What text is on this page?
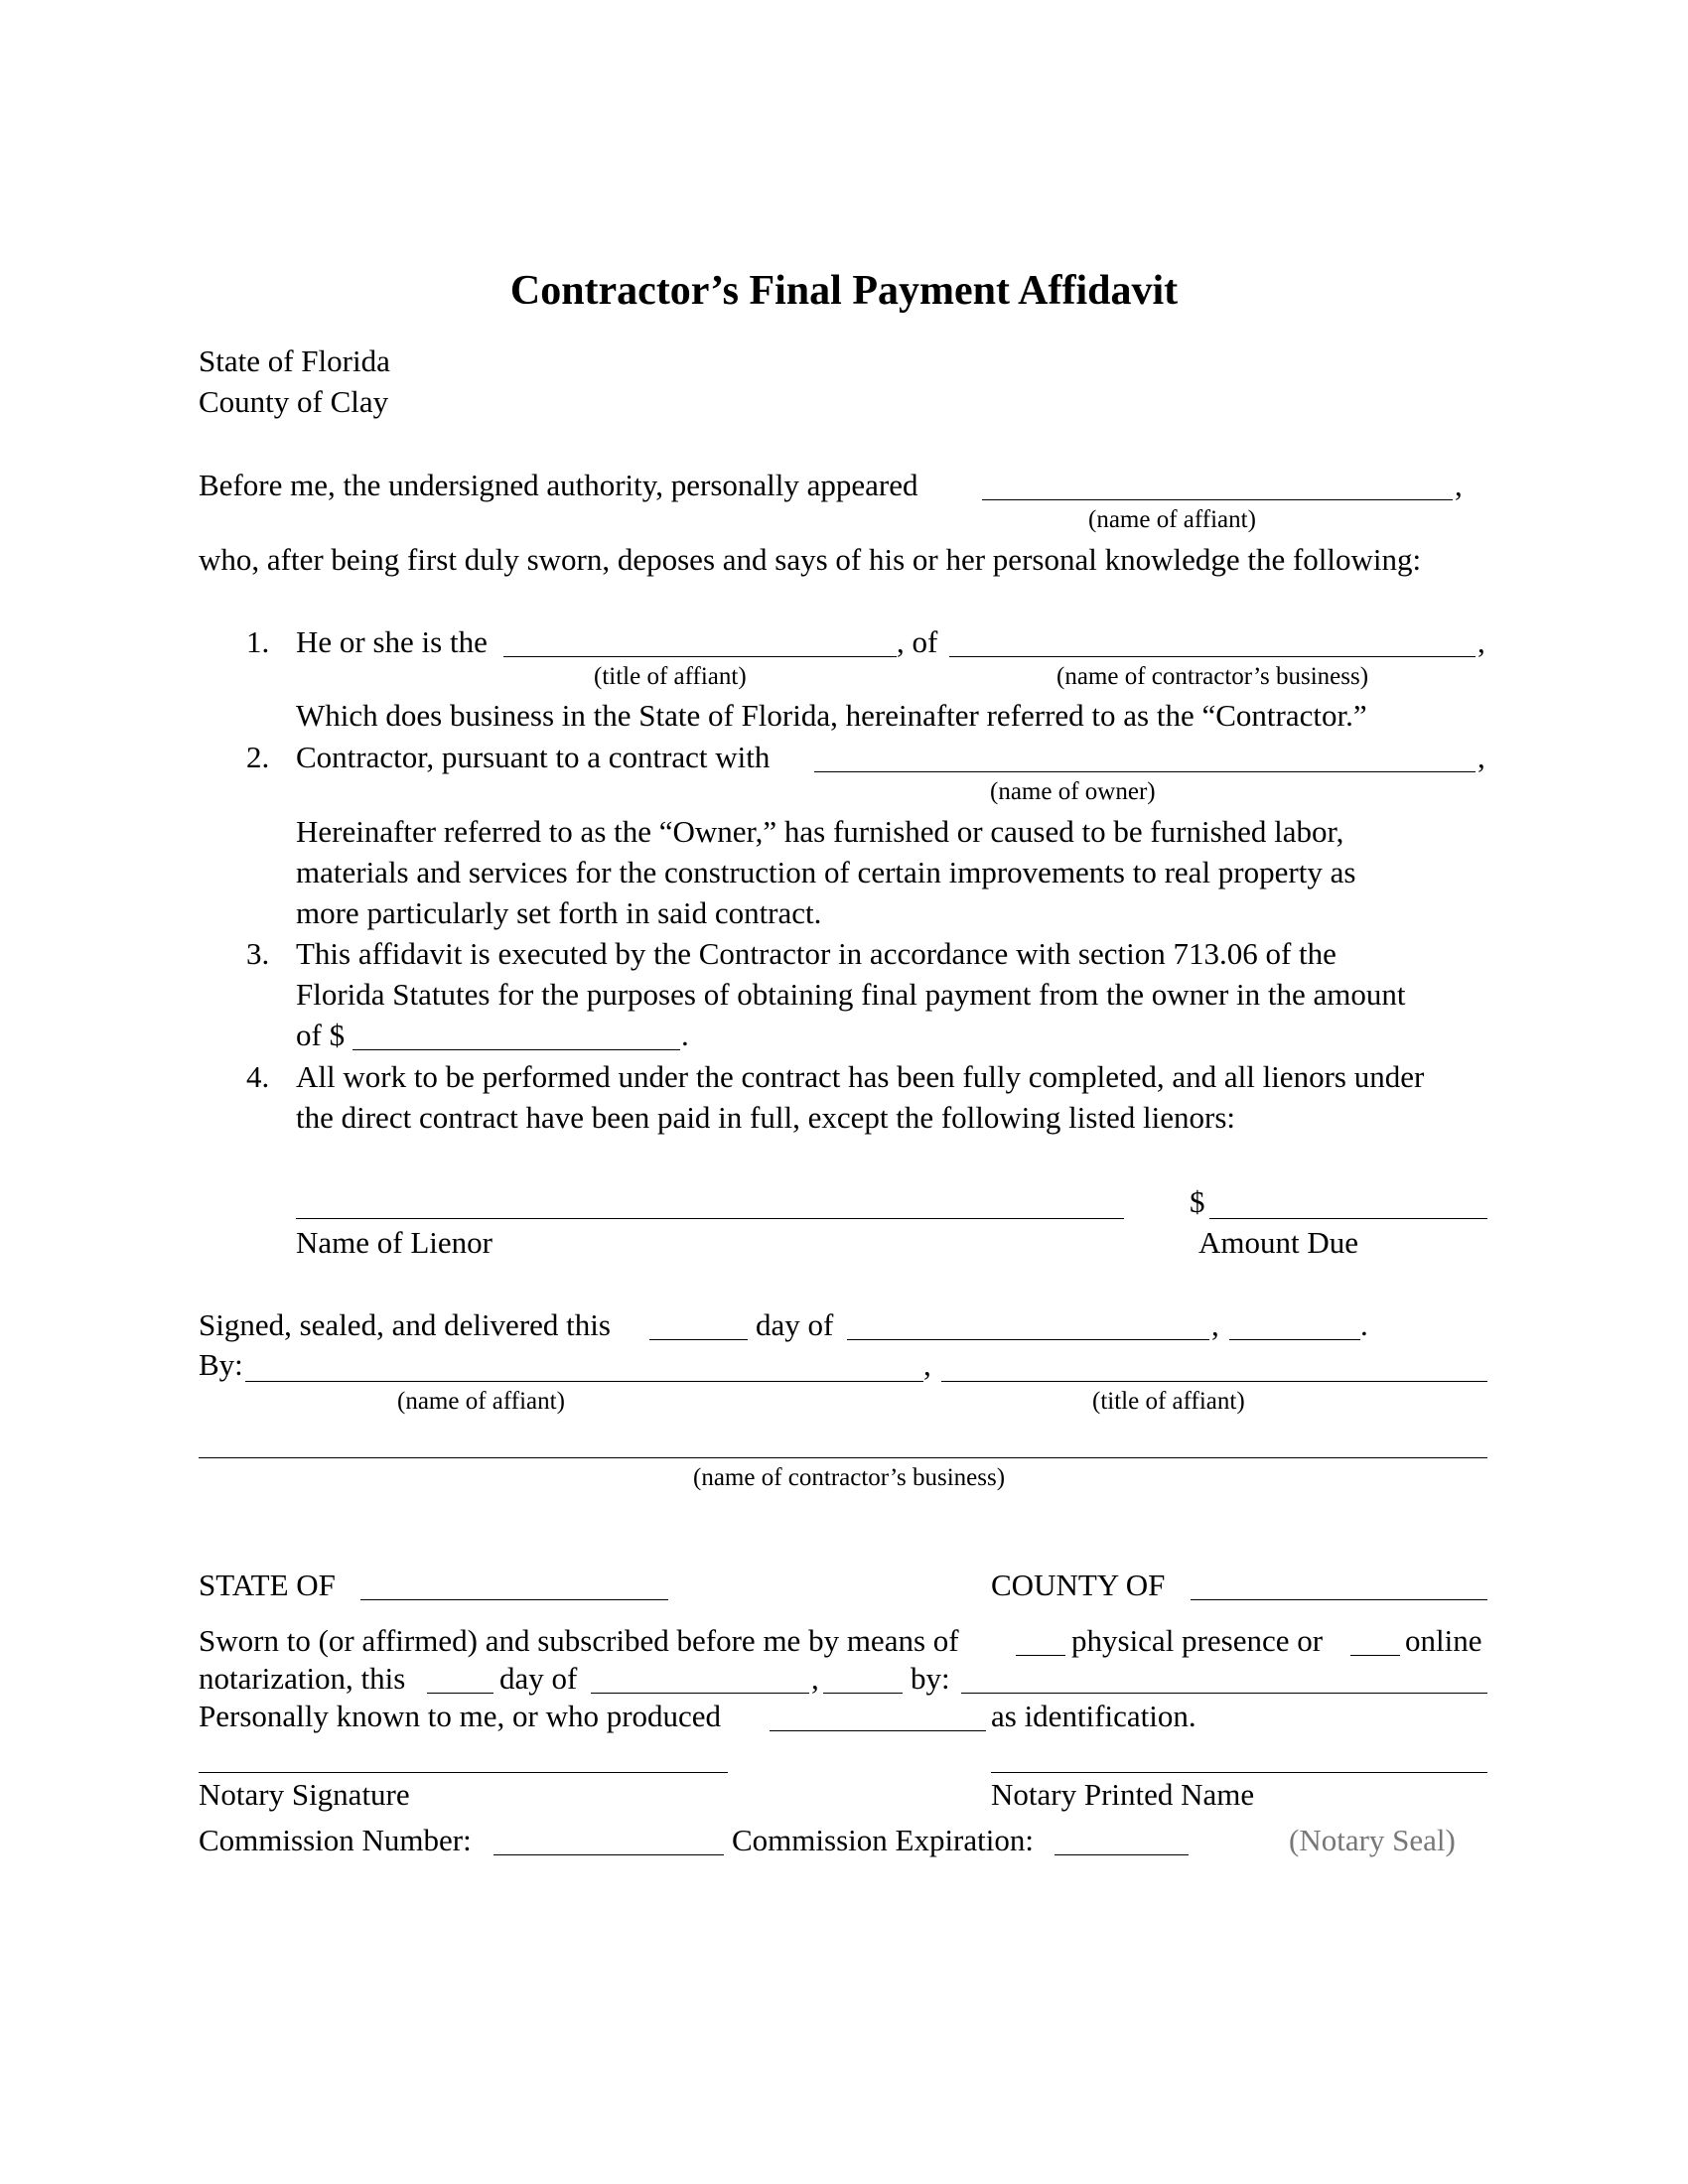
Contractor’s Final Payment Affidavit
State of Florida
County of Clay
Before me, the undersigned authority, personally appeared	,
(name of affiant)
who, after being first duly sworn, deposes and says of his or her personal knowledge the following:
1. He or she is the	, of	,
(title of affiant)	(name of contractor’s business)
Which does business in the State of Florida, hereinafter referred to as the “Contractor.”
2. Contractor, pursuant to a contract with	,
(name of owner)
Hereinafter referred to as the “Owner,” has furnished or caused to be furnished labor,
materials and services for the construction of certain improvements to real property as
more particularly set forth in said contract.
3. This affidavit is executed by the Contractor in accordance with section 713.06 of the
Florida Statutes for the purposes of obtaining final payment from the owner in the amount
of $	.
4. All work to be performed under the contract has been fully completed, and all lienors under
the direct contract have been paid in full, except the following listed lienors:
$
Name of Lienor	Amount Due
Signed, sealed, and delivered this	day of	,	.
By:	,
(name of affiant)	(title of affiant)
(name of contractor’s business)
STATE OF	COUNTY OF
Sworn to (or affirmed) and subscribed before me by means of	physical presence or	online
notarization, this	day of	,	by:
Personally known to me, or who produced	as identification.
Notary Signature	Notary Printed Name
Commission Number:	Commission Expiration:	(Notary Seal)
